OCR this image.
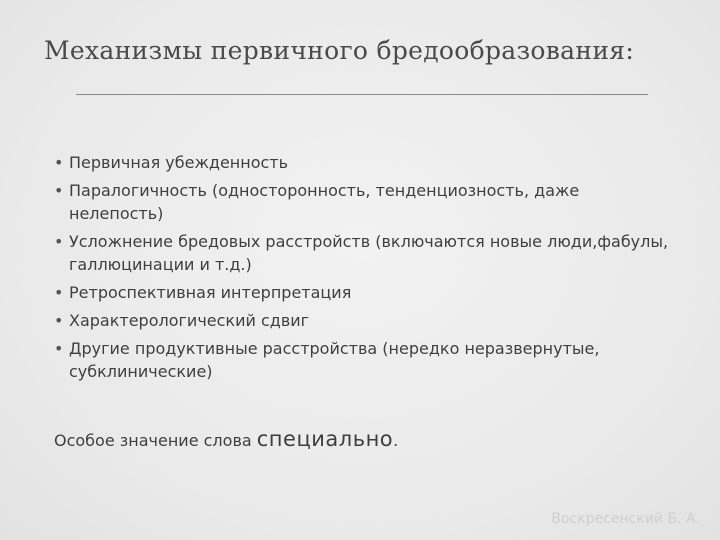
Механизмы первичного бредообразования:
• Первичная убежденность
• Паралогичность (односторонность, тенденциозность, даже нелепость)
• Усложнение бредовых расстройств (включаются новые люди,фабулы, галлюцинации и т.д.)
• Ретроспективная интерпретация
• Характерологический сдвиг
• Другие продуктивные расстройства (нередко неразвернутые, субклинические)
Особое значение слова специально.
Воскресенский Б. А.
